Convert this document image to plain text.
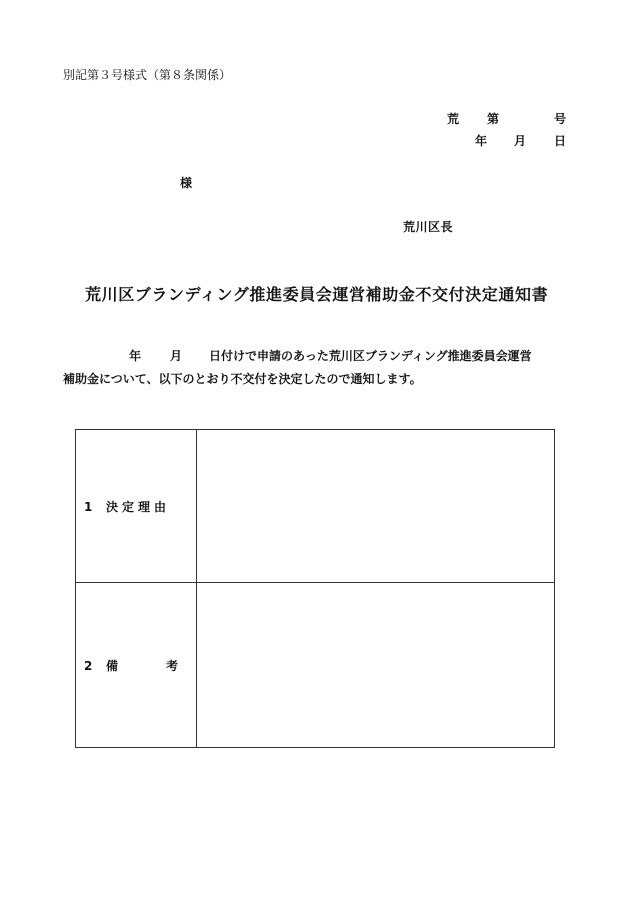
別記第３号様式（第８条関係）
荒 第	号
年 月 日
様
荒川区長
荒川区ブランディング推進委員会運営補助金不交付決定通知書
年 月 日付けで申請のあった荒川区ブランディング推進委員会運営
補助金について、以下のとおり不交付を決定したので通知します。
1 決定理由	
2 備 考	
